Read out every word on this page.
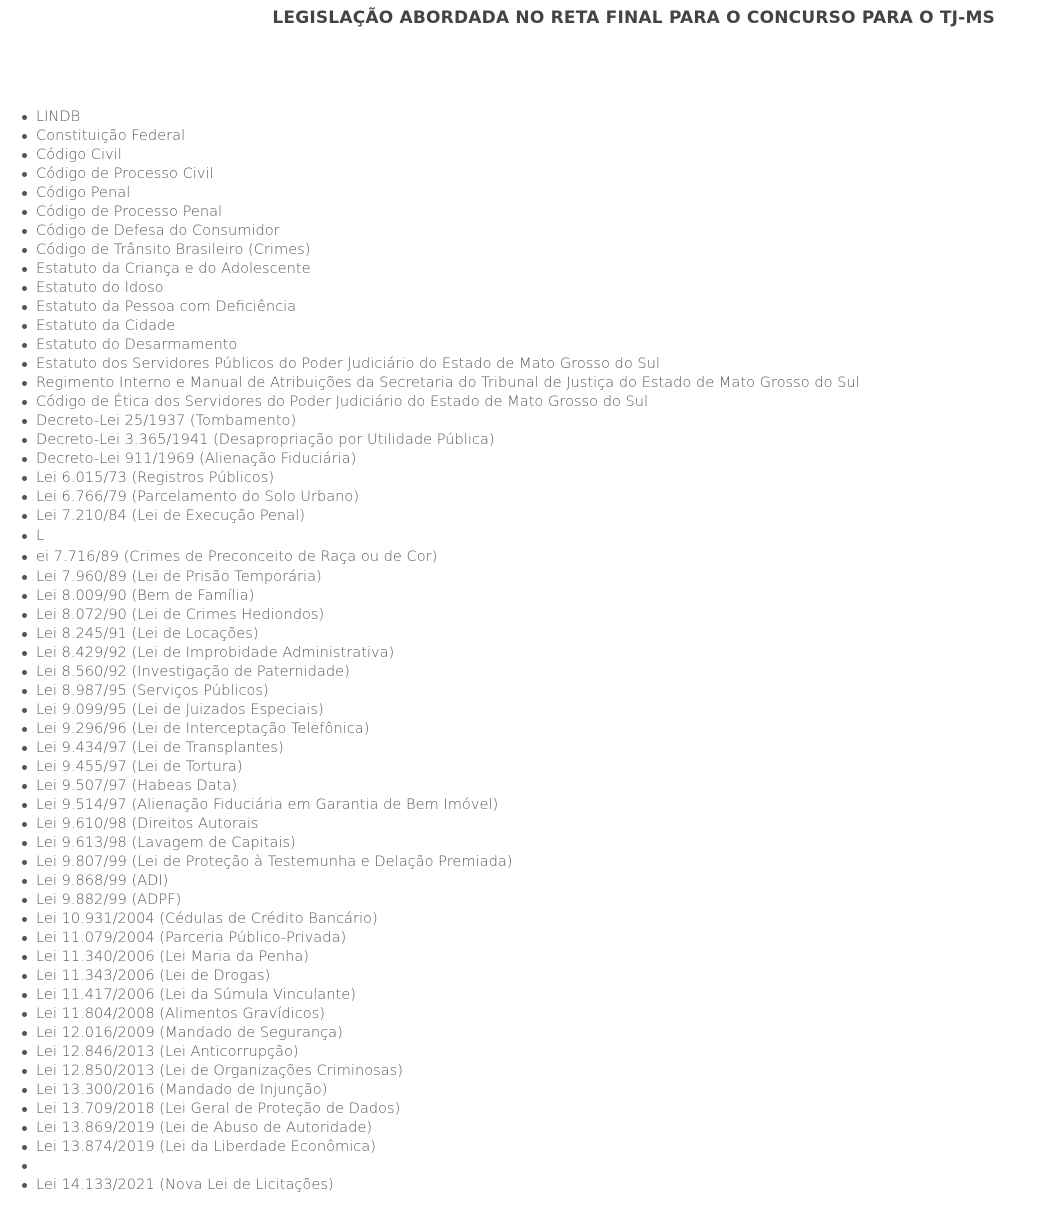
LEGISLAÇÃO ABORDADA NO RETA FINAL PARA O CONCURSO PARA O TJ-MS
LINDB
Constituição Federal
Código Civil
Código de Processo Civil
Código Penal
Código de Processo Penal
Código de Defesa do Consumidor
Código de Trânsito Brasileiro (Crimes)
Estatuto da Criança e do Adolescente
Estatuto do Idoso
Estatuto da Pessoa com Deficiência
Estatuto da Cidade
Estatuto do Desarmamento
Estatuto dos Servidores Públicos do Poder Judiciário do Estado de Mato Grosso do Sul
Regimento Interno e Manual de Atribuições da Secretaria do Tribunal de Justiça do Estado de Mato Grosso do Sul
Código de Ética dos Servidores do Poder Judiciário do Estado de Mato Grosso do Sul
Decreto-Lei 25/1937 (Tombamento)
Decreto-Lei 3.365/1941 (Desapropriação por Utilidade Pública)
Decreto-Lei 911/1969 (Alienação Fiduciária)
Lei 6.015/73 (Registros Públicos)
Lei 6.766/79 (Parcelamento do Solo Urbano)
Lei 7.210/84 (Lei de Execução Penal)
L
ei 7.716/89 (Crimes de Preconceito de Raça ou de Cor)
Lei 7.960/89 (Lei de Prisão Temporária)
Lei 8.009/90 (Bem de Família)
Lei 8.072/90 (Lei de Crimes Hediondos)
Lei 8.245/91 (Lei de Locações)
Lei 8.429/92 (Lei de Improbidade Administrativa)
Lei 8.560/92 (Investigação de Paternidade)
Lei 8.987/95 (Serviços Públicos)
Lei 9.099/95 (Lei de Juizados Especiais)
Lei 9.296/96 (Lei de Interceptação Telefônica)
Lei 9.434/97 (Lei de Transplantes)
Lei 9.455/97 (Lei de Tortura)
Lei 9.507/97 (Habeas Data)
Lei 9.514/97 (Alienação Fiduciária em Garantia de Bem Imóvel)
Lei 9.610/98 (Direitos Autorais
Lei 9.613/98 (Lavagem de Capitais)
Lei 9.807/99 (Lei de Proteção à Testemunha e Delação Premiada)
Lei 9.868/99 (ADI)
Lei 9.882/99 (ADPF)
Lei 10.931/2004 (Cédulas de Crédito Bancário)
Lei 11.079/2004 (Parceria Público-Privada)
Lei 11.340/2006 (Lei Maria da Penha)
Lei 11.343/2006 (Lei de Drogas)
Lei 11.417/2006 (Lei da Súmula Vinculante)
Lei 11.804/2008 (Alimentos Gravídicos)
Lei 12.016/2009 (Mandado de Segurança)
Lei 12.846/2013 (Lei Anticorrupção)
Lei 12.850/2013 (Lei de Organizações Criminosas)
Lei 13.300/2016 (Mandado de Injunção)
Lei 13.709/2018 (Lei Geral de Proteção de Dados)
Lei 13.869/2019 (Lei de Abuso de Autoridade)
Lei 13.874/2019 (Lei da Liberdade Econômica)
Lei 14.133/2021 (Nova Lei de Licitações)
